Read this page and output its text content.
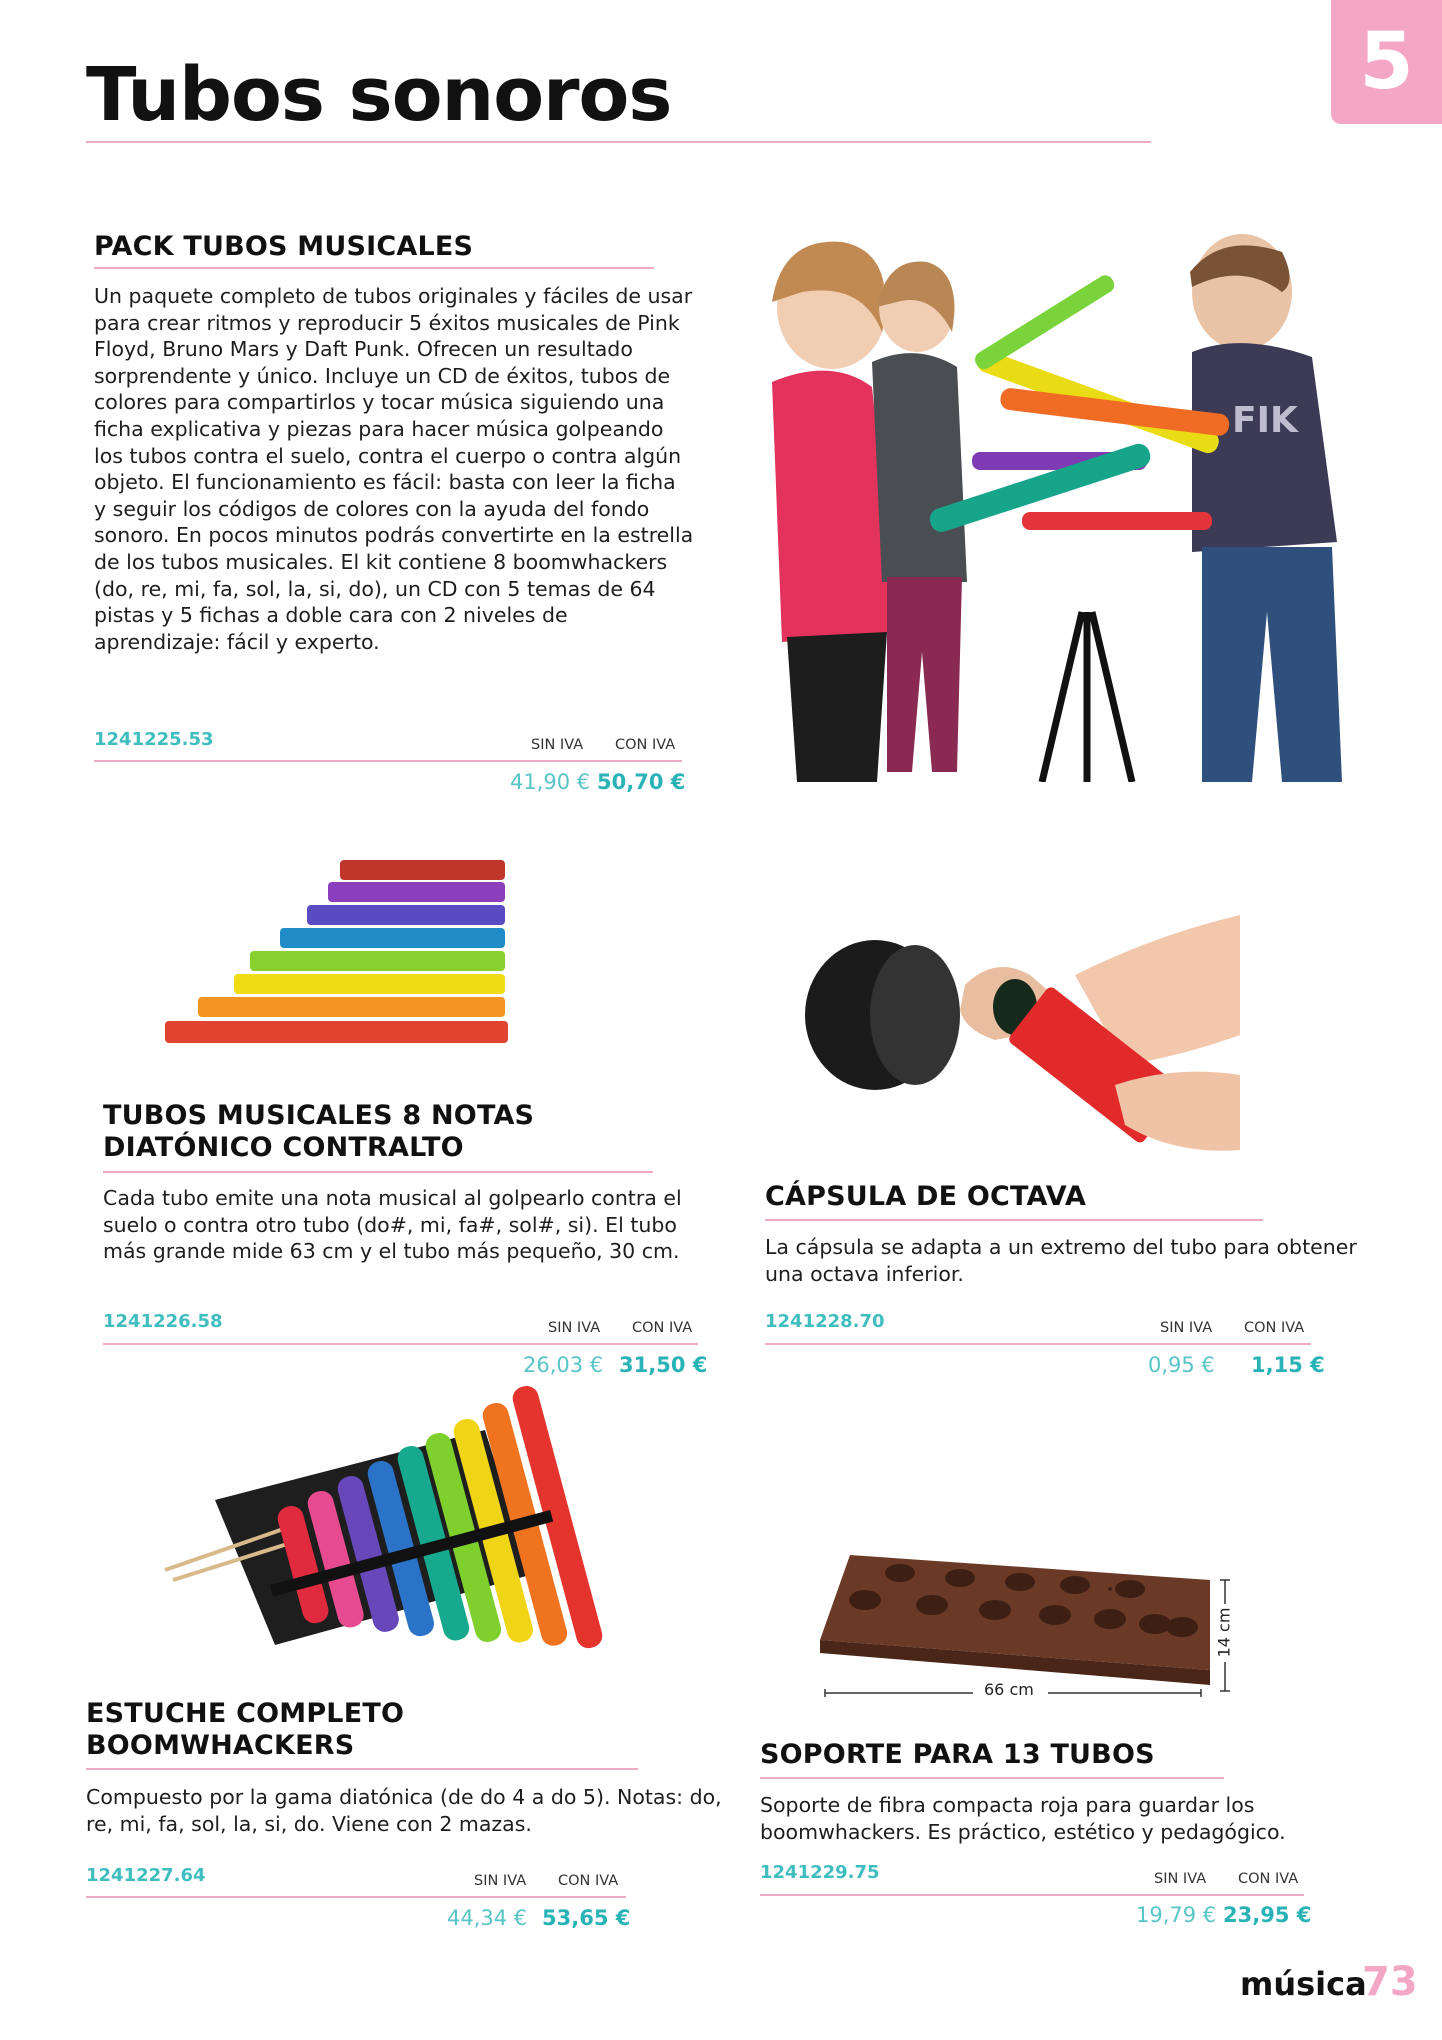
Tubos sonoros	5
PACK TUBOS MUSICALES
Un paquete completo de tubos originales y fáciles de usar para crear ritmos y reproducir 5 éxitos musicales de Pink Floyd, Bruno Mars y Daft Punk. Ofrecen un resultado sorprendente y único. Incluye un CD de éxitos, tubos de colores para compartirlos y tocar música siguiendo una ficha explicativa y piezas para hacer música golpeando los tubos contra el suelo, contra el cuerpo o contra algún objeto. El funcionamiento es fácil: basta con leer la ficha y seguir los códigos de colores con la ayuda del fondo sonoro. En pocos minutos podrás convertirte en la estrella de los tubos musicales. El kit contiene 8 boomwhackers (do, re, mi, fa, sol, la, si, do), un CD con 5 temas de 64 pistas y 5 fichas a doble cara con 2 niveles de aprendizaje: fácil y experto.
1241225.53	SIN IVA CON IVA
41,90 € 50,70 €
FIK
TUBOS MUSICALES 8 NOTAS
DIATÓNICO CONTRALTO
Cada tubo emite una nota musical al golpearlo contra el suelo o contra otro tubo (do#, mi, fa#, sol#, si). El tubo más grande mide 63 cm y el tubo más pequeño, 30 cm.
1241226.58	SIN IVA CON IVA
26,03 € 31,50 €
CÁPSULA DE OCTAVA
La cápsula se adapta a un extremo del tubo para obtener una octava inferior.
1241228.70	SIN IVA CON IVA
0,95 € 1,15 €
ESTUCHE COMPLETO
BOOMWHACKERS
Compuesto por la gama diatónica (de do 4 a do 5). Notas: do, re, mi, fa, sol, la, si, do. Viene con 2 mazas.
1241227.64	SIN IVA CON IVA
44,34 € 53,65 €
66 cm
14 cm
SOPORTE PARA 13 TUBOS
Soporte de fibra compacta roja para guardar los boomwhackers. Es práctico, estético y pedagógico.
1241229.75	SIN IVA CON IVA
19,79 € 23,95 €
música
73
